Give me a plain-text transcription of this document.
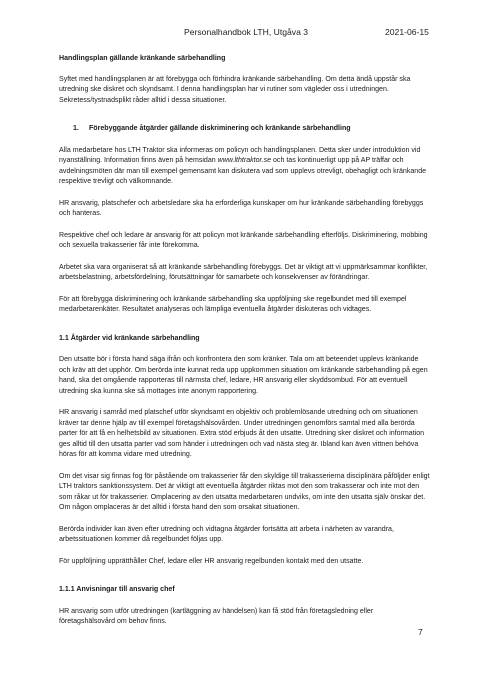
Personalhandbok LTH, Utgåva 3	2021-06-15

Handlingsplan gällande kränkande särbehandling

Syftet med handlingsplanen är att förebygga och förhindra kränkande särbehandling. Om detta ändå uppstår ska utredning ske diskret och skyndsamt. I denna handlingsplan har vi rutiner som vägleder oss i utredningen. Sekretess/tystnadsplikt råder alltid i dessa situationer.

1.	Förebyggande åtgärder gällande diskriminering och kränkande särbehandling

Alla medarbetare hos LTH Traktor ska informeras om policyn och handlingsplanen. Detta sker under introduktion vid nyanställning. Information finns även på hemsidan www.lthtraktor.se och tas kontinuerligt upp på AP träffar och avdelningsmöten där man till exempel gemensamt kan diskutera vad som upplevs otrevligt, obehagligt och kränkande respektive trevligt och välkomnande.

HR ansvarig, platschefer och arbetsledare ska ha erforderliga kunskaper om hur kränkande särbehandling förebyggs och hanteras.

Respektive chef och ledare är ansvarig för att policyn mot kränkande särbehandling efterföljs. Diskriminering, mobbing och sexuella trakasserier får inte förekomma.

Arbetet ska vara organiserat så att kränkande särbehandling förebyggs. Det är viktigt att vi uppmärksammar konflikter, arbetsbelastning, arbetsfördelning, förutsättningar för samarbete och konsekvenser av förändringar.

För att förebygga diskriminering och kränkande särbehandling ska uppföljning ske regelbundet med till exempel medarbetarenkäter. Resultatet analyseras och lämpliga eventuella åtgärder diskuteras och vidtages.

1.1 Åtgärder vid kränkande särbehandling

Den utsatte bör i första hand säga ifrån och konfrontera den som kränker. Tala om att beteendet upplevs kränkande och kräv att det upphör. Om berörda inte kunnat reda upp uppkommen situation om kränkande särbehandling på egen hand, ska det omgående rapporteras till närmsta chef, ledare, HR ansvarig eller skyddsombud. För att eventuell utredning ska kunna ske så mottages inte anonym rapportering.

HR ansvarig i samråd med platschef utför skyndsamt en objektiv och problemlösande utredning och om situationen kräver tar denne hjälp av till exempel företagshälsovården. Under utredningen genomförs samtal med alla berörda parter för att få en helhetsbild av situationen. Extra stöd erbjuds åt den utsatte. Utredning sker diskret och information ges alltid till den utsatta parter vad som händer i utredningen och vad nästa steg är. Ibland kan även vittnen behöva höras för att komma vidare med utredning.

Om det visar sig finnas fog för påstående om trakasserier får den skyldige till trakasserierna disciplinära påföljder enligt LTH traktors sanktionssystem. Det är viktigt att eventuella åtgärder riktas mot den som trakasserar och inte mot den som råkar ut för trakasserier. Omplacering av den utsatta medarbetaren undviks, om inte den utsatta själv önskar det. Om någon omplaceras är det alltid i första hand den som orsakat situationen.

Berörda individer kan även efter utredning och vidtagna åtgärder fortsätta att arbeta i närheten av varandra, arbetssituationen kommer då regelbundet följas upp.

För uppföljning upprätthåller Chef, ledare eller HR ansvarig regelbunden kontakt med den utsatte.

1.1.1 Anvisningar till ansvarig chef

HR ansvarig som utför utredningen (kartläggning av händelsen) kan få stöd från företagsledning eller företagshälsovård om behov finns.

7
